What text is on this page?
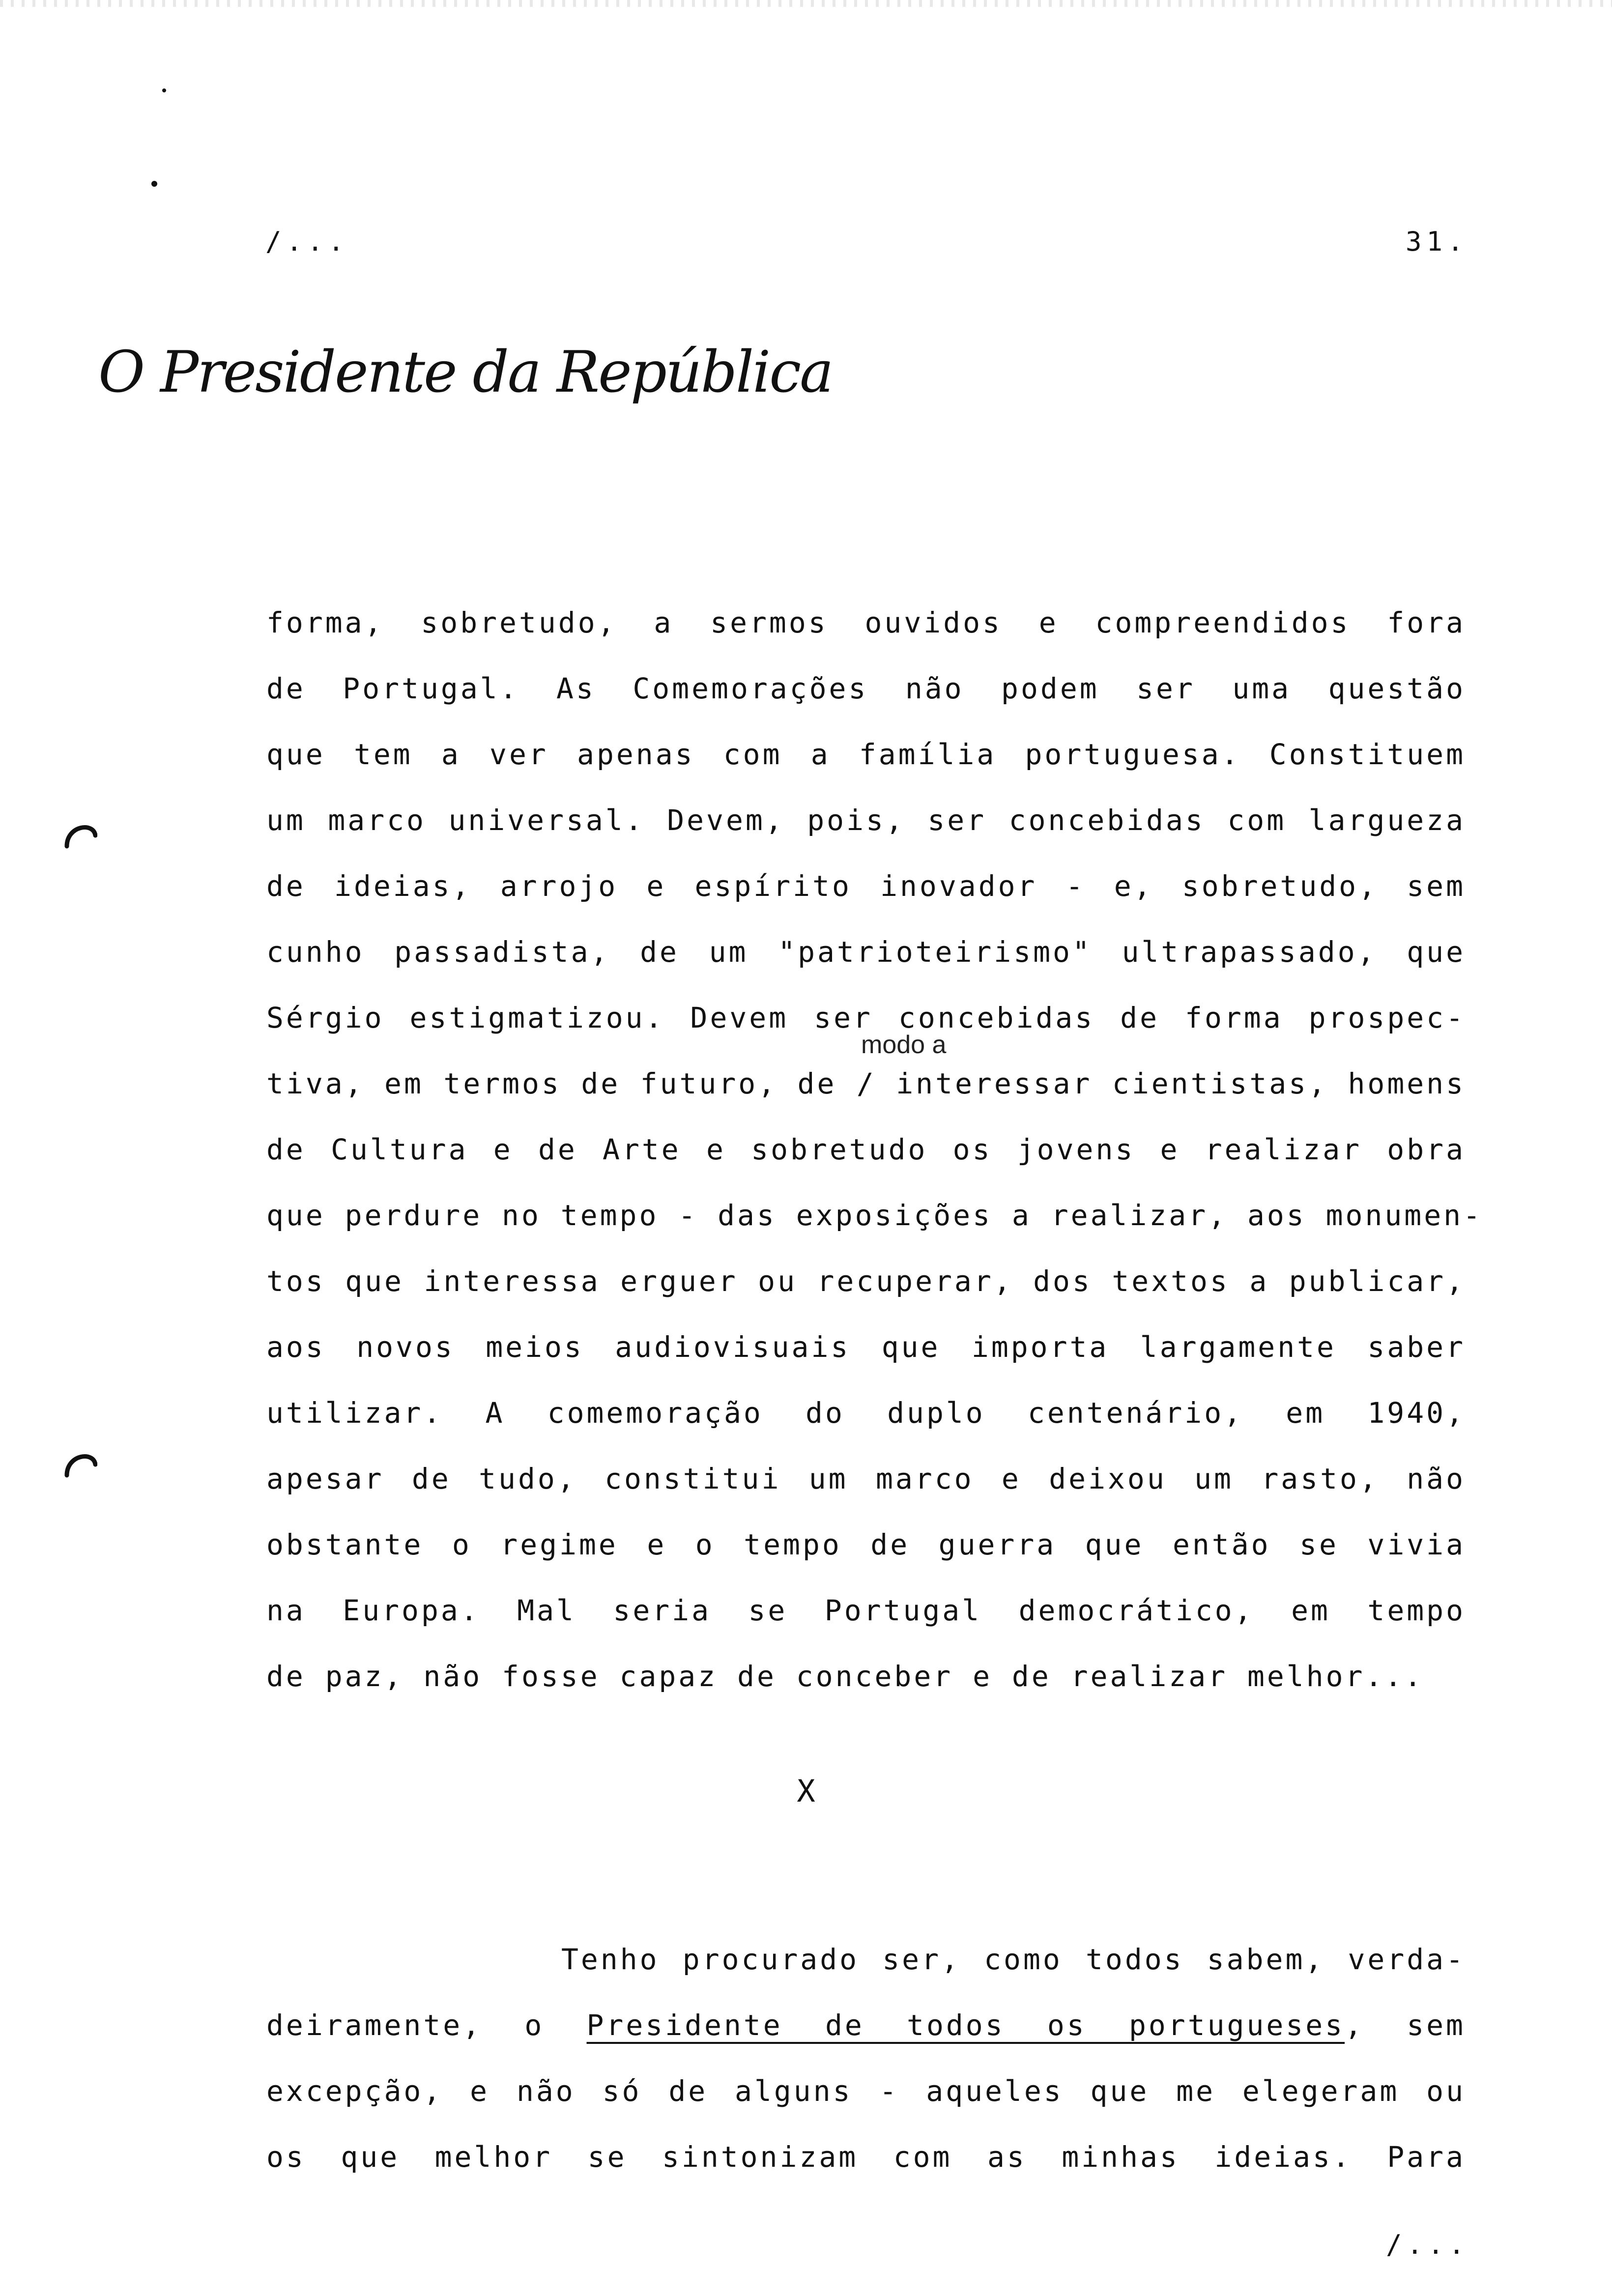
/...	31.
O Presidente da República
forma, sobretudo, a sermos ouvidos e compreendidos fora
de Portugal. As Comemorações não podem ser uma questão
que tem a ver apenas com a família portuguesa. Constituem
um marco universal. Devem, pois, ser concebidas com largueza
de ideias, arrojo e espírito inovador - e, sobretudo, sem
cunho passadista, de um "patrioteirismo" ultrapassado, que
Sérgio estigmatizou. Devem ser concebidas de forma prospec-
tiva, em termos de futuro, de / interessar cientistas, homens
de Cultura e de Arte e sobretudo os jovens e realizar obra
que perdure no tempo - das exposições a realizar, aos monumen-
tos que interessa erguer ou recuperar, dos textos a publicar,
aos novos meios audiovisuais que importa largamente saber
utilizar. A comemoração do duplo centenário, em 1940,
apesar de tudo, constitui um marco e deixou um rasto, não
obstante o regime e o tempo de guerra que então se vivia
na Europa. Mal seria se Portugal democrático, em tempo
de paz, não fosse capaz de conceber e de realizar melhor...
modo a
X
Tenho procurado ser, como todos sabem, verda-
deiramente, o Presidente de todos os portugueses, sem
excepção, e não só de alguns - aqueles que me elegeram ou
os que melhor se sintonizam com as minhas ideias. Para
/...
